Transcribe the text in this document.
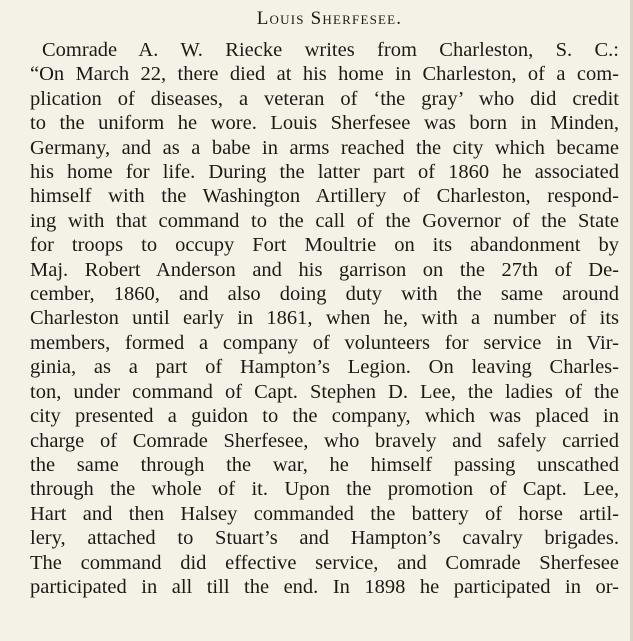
Louis Sherfesee.
Comrade A. W. Riecke writes from Charleston, S. C.:
“On March 22, there died at his home in Charleston, of a com-
plication of diseases, a veteran of ‘the gray’ who did credit
to the uniform he wore. Louis Sherfesee was born in Minden,
Germany, and as a babe in arms reached the city which became
his home for life. During the latter part of 1860 he associated
himself with the Washington Artillery of Charleston, respond-
ing with that command to the call of the Governor of the State
for troops to occupy Fort Moultrie on its abandonment by
Maj. Robert Anderson and his garrison on the 27th of De-
cember, 1860, and also doing duty with the same around
Charleston until early in 1861, when he, with a number of its
members, formed a company of volunteers for service in Vir-
ginia, as a part of Hampton’s Legion. On leaving Charles-
ton, under command of Capt. Stephen D. Lee, the ladies of the
city presented a guidon to the company, which was placed in
charge of Comrade Sherfesee, who bravely and safely carried
the same through the war, he himself passing unscathed
through the whole of it. Upon the promotion of Capt. Lee,
Hart and then Halsey commanded the battery of horse artil-
lery, attached to Stuart’s and Hampton’s cavalry brigades.
The command did effective service, and Comrade Sherfesee
participated in all till the end. In 1898 he participated in or-
